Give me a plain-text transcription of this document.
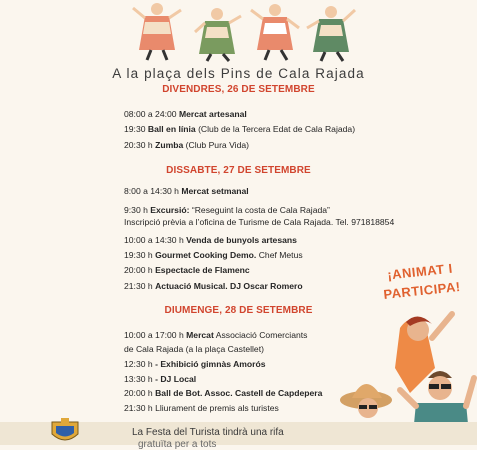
A la plaça dels Pins de Cala Rajada
DIVENDRES, 26 DE SETEMBRE
08:00 a 24:00 Mercat artesanal
19:30 Ball en línia (Club de la Tercera Edat de Cala Rajada)
20:30 h Zumba (Club Pura Vida)
DISSABTE, 27 DE SETEMBRE
8:00 a 14:30 h Mercat setmanal
9:30 h Excursió: “Reseguint la costa de Cala Rajada”
Inscripció prèvia a l’oficina de Turisme de Cala Rajada. Tel. 971818854
10:00 a 14:30 h Venda de bunyols artesans
19:30 h Gourmet Cooking Demo. Chef Metus
20:00 h Espectacle de Flamenc
21:30 h Actuació Musical. DJ Oscar Romero
DIUMENGE, 28 DE SETEMBRE
10:00 a 17:00 h Mercat Associació Comerciants
de Cala Rajada (a la plaça Castellet)
12:30 h - Exhibició gimnàs Amorós
13:30 h - DJ Local
20:00 h Ball de Bot. Assoc. Castell de Capdepera
21:30 h Lliurament de premis als turistes
¡ANIMAT I
PARTICIPA!
La Festa del Turista tindrà una rifa
gratuïta per a tots
